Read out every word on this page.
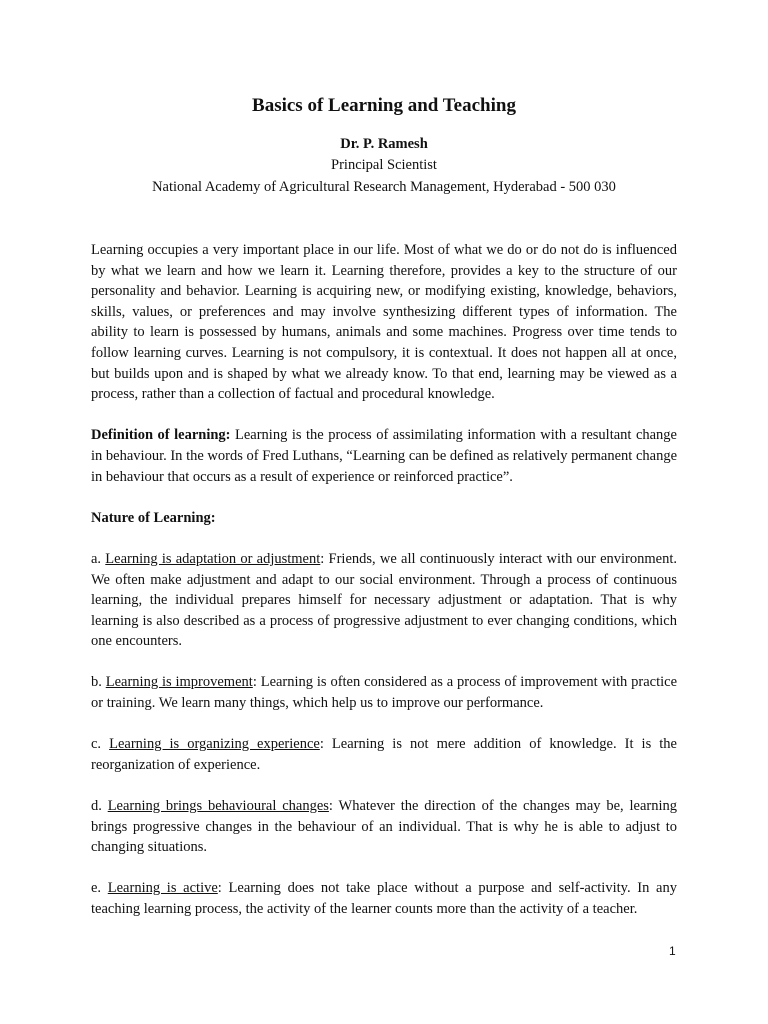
Basics of Learning and Teaching

Dr. P. Ramesh

Principal Scientist

National Academy of Agricultural Research Management, Hyderabad - 500 030

Learning occupies a very important place in our life. Most of what we do or do not do is influenced by what we learn and how we learn it. Learning therefore, provides a key to the structure of our personality and behavior. Learning is acquiring new, or modifying existing, knowledge, behaviors, skills, values, or preferences and may involve synthesizing different types of information. The ability to learn is possessed by humans, animals and some machines. Progress over time tends to follow learning curves. Learning is not compulsory, it is contextual. It does not happen all at once, but builds upon and is shaped by what we already know. To that end, learning may be viewed as a process, rather than a collection of factual and procedural knowledge.

Definition of learning: Learning is the process of assimilating information with a resultant change in behaviour. In the words of Fred Luthans, “Learning can be defined as relatively permanent change in behaviour that occurs as a result of experience or reinforced practice”.

Nature of Learning:

a. Learning is adaptation or adjustment: Friends, we all continuously interact with our environment. We often make adjustment and adapt to our social environment. Through a process of continuous learning, the individual prepares himself for necessary adjustment or adaptation. That is why learning is also described as a process of progressive adjustment to ever changing conditions, which one encounters.

b. Learning is improvement: Learning is often considered as a process of improvement with practice or training. We learn many things, which help us to improve our performance.

c. Learning is organizing experience: Learning is not mere addition of knowledge. It is the reorganization of experience.

d. Learning brings behavioural changes: Whatever the direction of the changes may be, learning brings progressive changes in the behaviour of an individual. That is why he is able to adjust to changing situations.

e. Learning is active: Learning does not take place without a purpose and self-activity. In any teaching learning process, the activity of the learner counts more than the activity of a teacher.

1
